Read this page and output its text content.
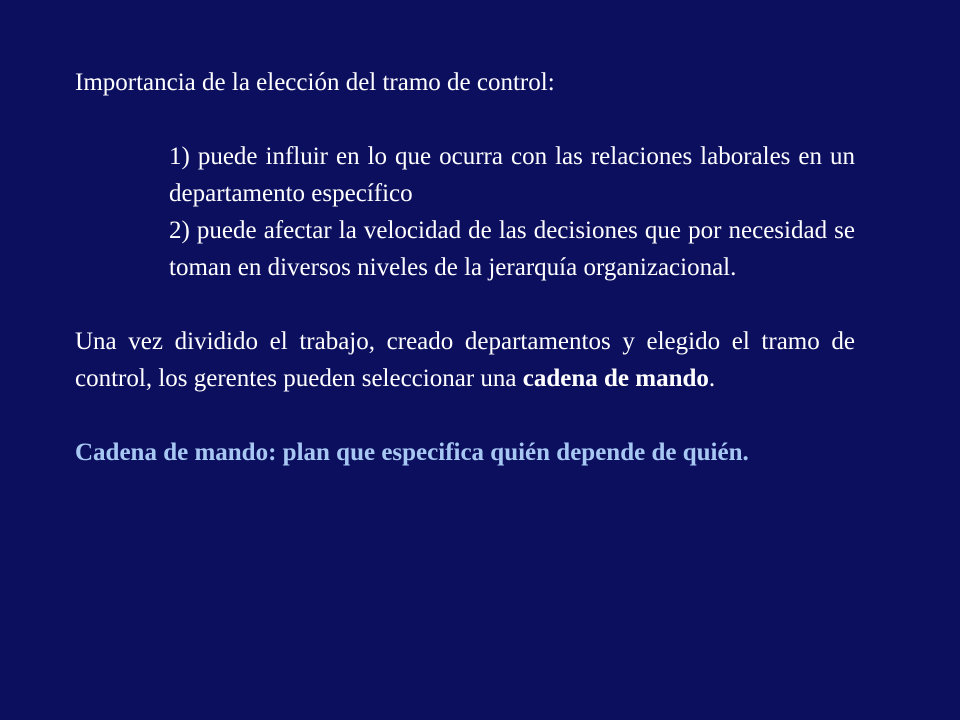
Importancia de la elección del tramo de control:

1) puede influir en lo que ocurra con las relaciones laborales en un departamento específico
2) puede afectar la velocidad de las decisiones que por necesidad se toman en diversos niveles de la jerarquía organizacional.

Una vez dividido el trabajo, creado departamentos y elegido el tramo de control, los gerentes pueden seleccionar una cadena de mando.

Cadena de mando: plan que especifica quién depende de quién.
